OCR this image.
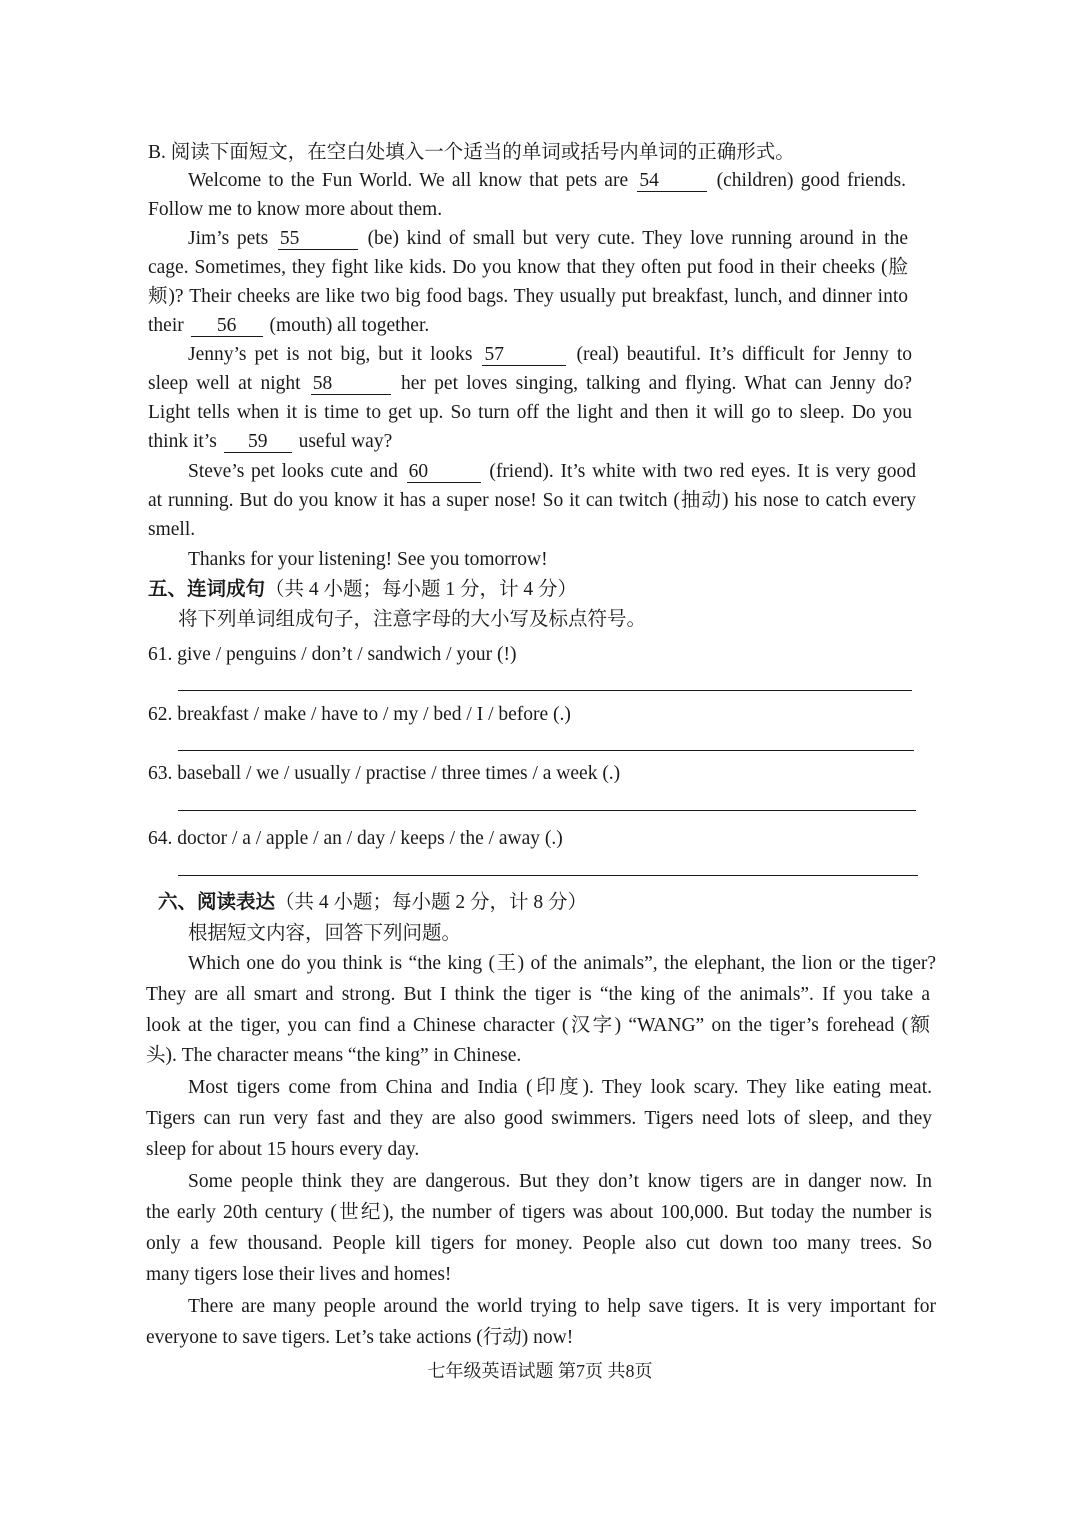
B. 阅读下面短文，在空白处填入一个适当的单词或括号内单词的正确形式。
Welcome to the Fun World. We all know that pets are 54	(children) good friends.
Follow me to know more about them.
Jim’s pets 55	(be) kind of small but very cute. They love running around in the
cage. Sometimes, they fight like kids. Do you know that they often put food in their cheeks (脸
颊)? Their cheeks are like two big food bags. They usually put breakfast, lunch, and dinner into
their 56 (mouth) all together.
Jenny’s pet is not big, but it looks 57	(real) beautiful. It’s difficult for Jenny to
sleep well at night 58	her pet loves singing, talking and flying. What can Jenny do?
Light tells when it is time to get up. So turn off the light and then it will go to sleep. Do you
think it’s 59 useful way?
Steve’s pet looks cute and 60	(friend). It’s white with two red eyes. It is very good
at running. But do you know it has a super nose! So it can twitch (抽动) his nose to catch every
smell.
Thanks for your listening! See you tomorrow!
五、连词成句（共 4 小题；每小题 1 分，计 4 分）
将下列单词组成句子，注意字母的大小写及标点符号。
61. give / penguins / don’t / sandwich / your (!)
62. breakfast / make / have to / my / bed / I / before (.)
63. baseball / we / usually / practise / three times / a week (.)
64. doctor / a / apple / an / day / keeps / the / away (.)
六、阅读表达（共 4 小题；每小题 2 分，计 8 分）
根据短文内容，回答下列问题。
Which one do you think is “the king (王) of the animals”, the elephant, the lion or the tiger?
They are all smart and strong. But I think the tiger is “the king of the animals”. If you take a
look at the tiger, you can find a Chinese character (汉字) “WANG” on the tiger’s forehead (额
头). The character means “the king” in Chinese.
Most tigers come from China and India (印度). They look scary. They like eating meat.
Tigers can run very fast and they are also good swimmers. Tigers need lots of sleep, and they
sleep for about 15 hours every day.
Some people think they are dangerous. But they don’t know tigers are in danger now. In
the early 20th century (世纪), the number of tigers was about 100,000. But today the number is
only a few thousand. People kill tigers for money. People also cut down too many trees. So
many tigers lose their lives and homes!
There are many people around the world trying to help save tigers. It is very important for
everyone to save tigers. Let’s take actions (行动) now!
七年级英语试题 第7页 共8页
